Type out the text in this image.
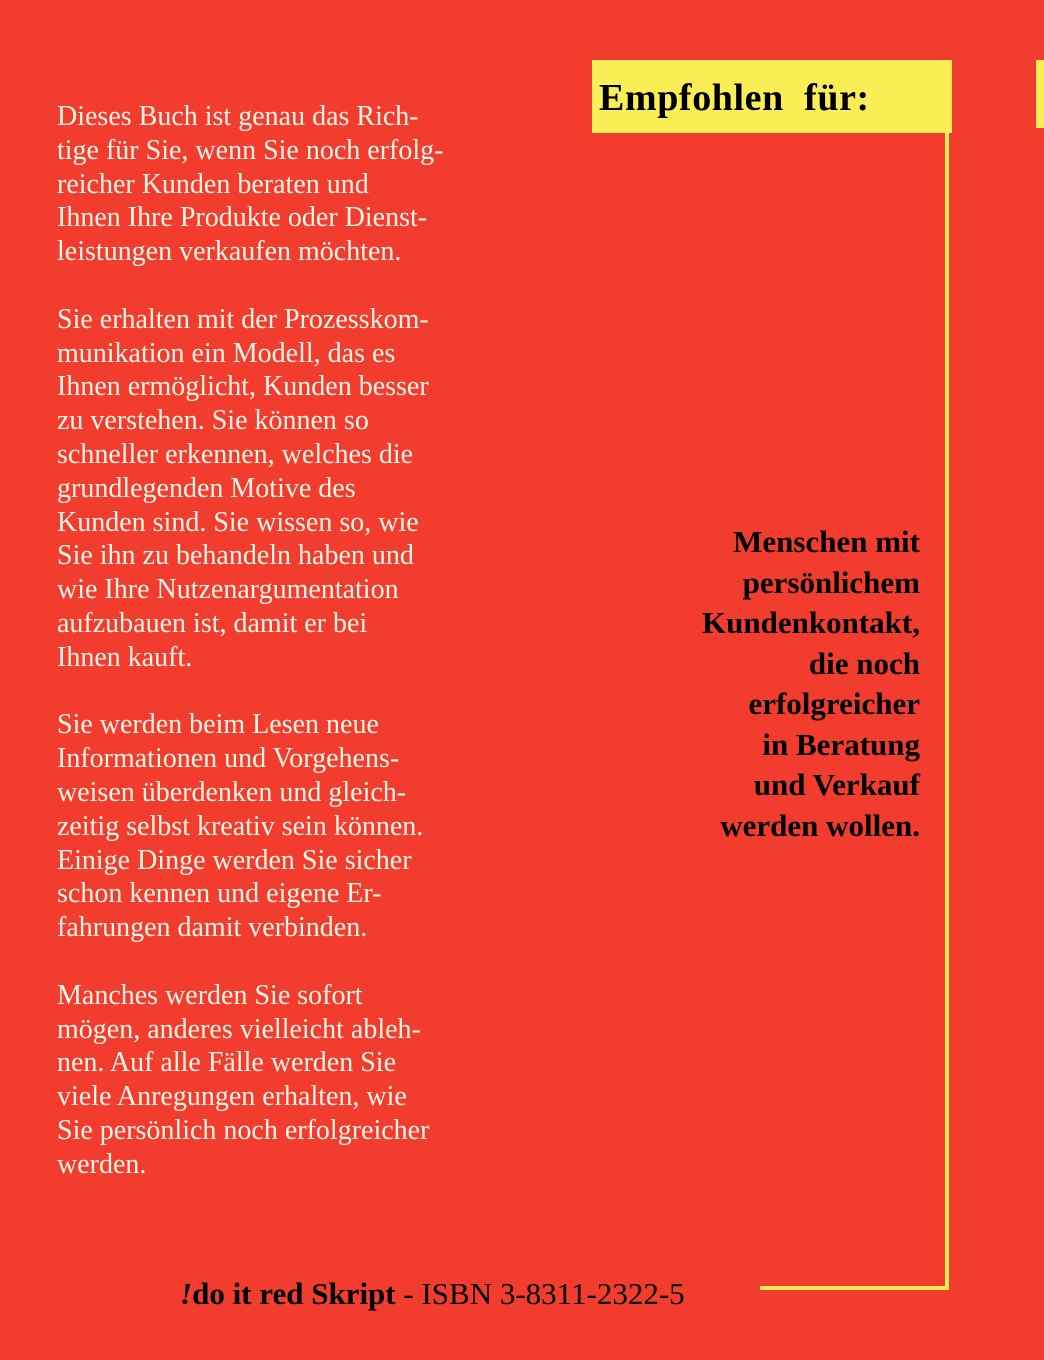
Dieses Buch ist genau das Rich-
tige für Sie, wenn Sie noch erfolg-
reicher Kunden beraten und
Ihnen Ihre Produkte oder Dienst-
leistungen verkaufen möchten.

Sie erhalten mit der Prozesskom-
munikation ein Modell, das es
Ihnen ermöglicht, Kunden besser
zu verstehen. Sie können so
schneller erkennen, welches die
grundlegenden Motive des
Kunden sind. Sie wissen so, wie
Sie ihn zu behandeln haben und
wie Ihre Nutzenargumentation
aufzubauen ist, damit er bei
Ihnen kauft.

Sie werden beim Lesen neue
Informationen und Vorgehens-
weisen überdenken und gleich-
zeitig selbst kreativ sein können.
Einige Dinge werden Sie sicher
schon kennen und eigene Er-
fahrungen damit verbinden.

Manches werden Sie sofort
mögen, anderes vielleicht ableh-
nen. Auf alle Fälle werden Sie
viele Anregungen erhalten, wie
Sie persönlich noch erfolgreicher
werden.

Empfohlen  für:
Menschen mit
persönlichem
Kundenkontakt,
die noch
erfolgreicher
in Beratung
und Verkauf
werden wollen.
!do it red Skript - ISBN 3-8311-2322-5
